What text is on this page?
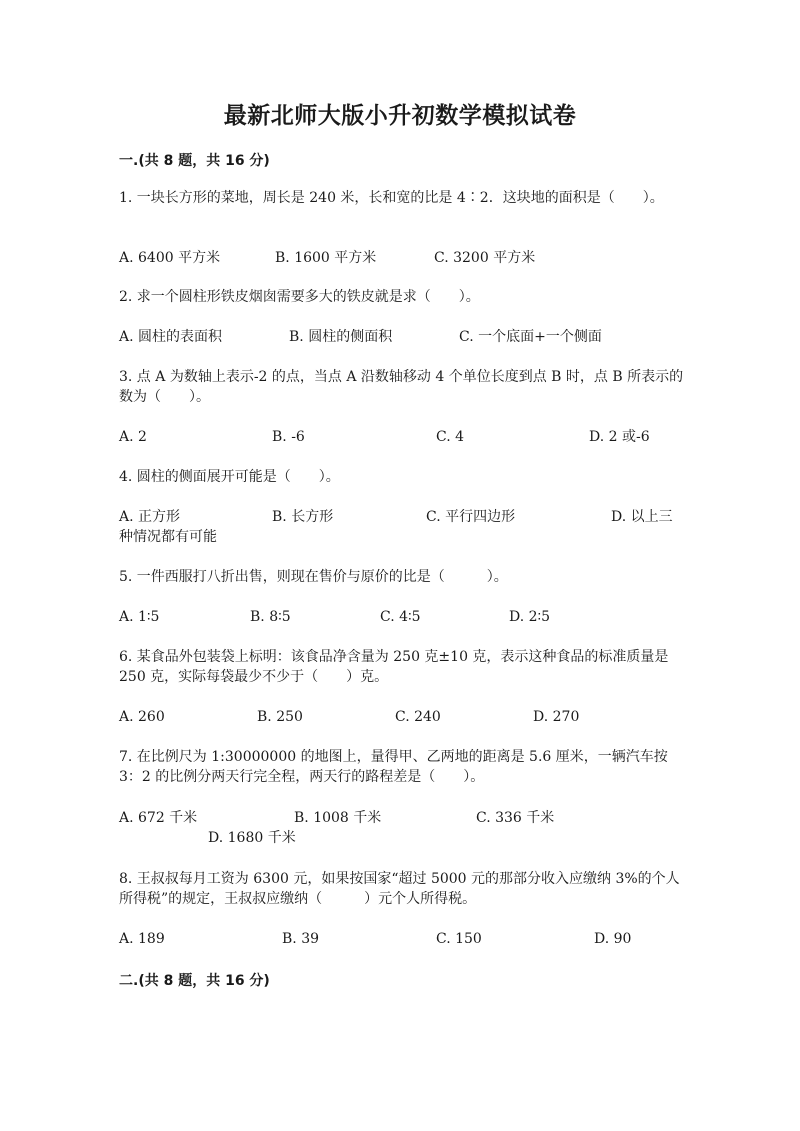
最新北师大版小升初数学模拟试卷
一.(共 8 题，共 16 分)

1. 一块长方形的菜地，周长是 240 米，长和宽的比是 4∶2．这块地的面积是（　　）。

A. 6400 平方米	B. 1600 平方米	C. 3200 平方米

2. 求一个圆柱形铁皮烟囱需要多大的铁皮就是求（　　）。

A. 圆柱的表面积	B. 圆柱的侧面积	C. 一个底面+一个侧面

3. 点 A 为数轴上表示-2 的点，当点 A 沿数轴移动 4 个单位长度到点 B 时，点 B 所表示的数为（　　）。

A. 2	B. -6	C. 4	D. 2 或-6

4. 圆柱的侧面展开可能是（　　）。

A. 正方形	B. 长方形	C. 平行四边形	D. 以上三
种情况都有可能

5. 一件西服打八折出售，则现在售价与原价的比是（　　　）。

A. 1∶5	B. 8∶5	C. 4∶5	D. 2∶5

6. 某食品外包装袋上标明：该食品净含量为 250 克±10 克，表示这种食品的标准质量是 250 克，实际每袋最少不少于（　　）克。

A. 260	B. 250	C. 240	D. 270

7. 在比例尺为 1:30000000 的地图上，量得甲、乙两地的距离是 5.6 厘米，一辆汽车按 3：2 的比例分两天行完全程，两天行的路程差是（　　）。

A. 672 千米	B. 1008 千米	C. 336 千米
D. 1680 千米

8. 王叔叔每月工资为 6300 元，如果按国家“超过 5000 元的那部分收入应缴纳 3%的个人所得税”的规定，王叔叔应缴纳（　　　）元个人所得税。

A. 189	B. 39	C. 150	D. 90
二.(共 8 题，共 16 分)
